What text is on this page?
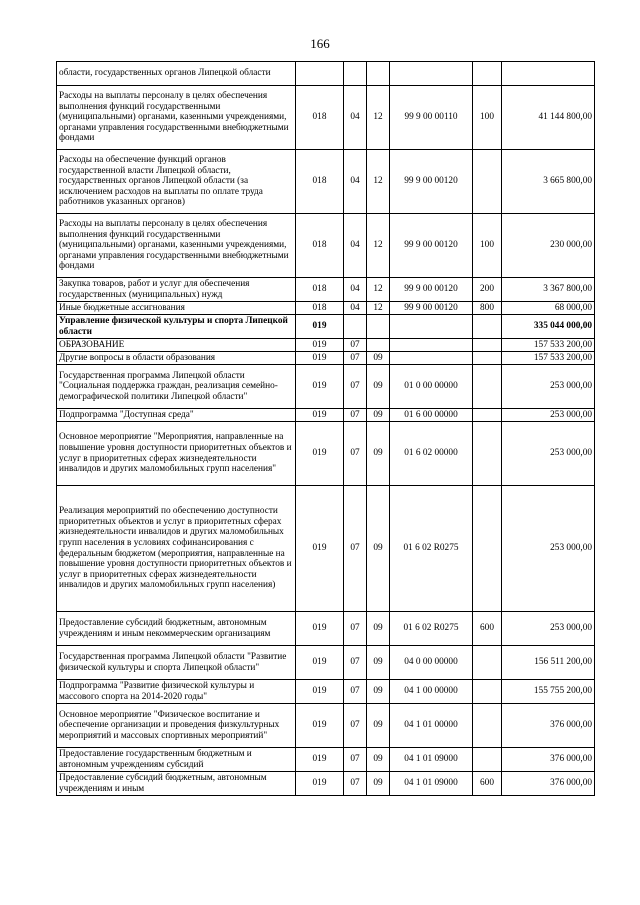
166
области, государственных органов Липецкой области						
Расходы на выплаты персоналу в целях обеспечения выполнения функций государственными (муниципальными) органами, казенными учреждениями, органами управления государственными внебюджетными фондами	018	04	12	99 9 00 00110	100	41 144 800,00
Расходы на обеспечение функций органов государственной власти Липецкой области, государственных органов Липецкой области (за исключением расходов на выплаты по оплате труда работников указанных органов)	018	04	12	99 9 00 00120		3 665 800,00
Расходы на выплаты персоналу в целях обеспечения выполнения функций государственными (муниципальными) органами, казенными учреждениями, органами управления государственными внебюджетными фондами	018	04	12	99 9 00 00120	100	230 000,00
Закупка товаров, работ и услуг для обеспечения государственных (муниципальных) нужд	018	04	12	99 9 00 00120	200	3 367 800,00
Иные бюджетные ассигнования	018	04	12	99 9 00 00120	800	68 000,00
Управление физической культуры и спорта Липецкой области	019					335 044 000,00
ОБРАЗОВАНИЕ	019	07				157 533 200,00
Другие вопросы в области образования	019	07	09			157 533 200,00
Государственная программа Липецкой области "Социальная поддержка граждан, реализация семейно-демографической политики Липецкой области"	019	07	09	01 0 00 00000		253 000,00
Подпрограмма "Доступная среда"	019	07	09	01 6 00 00000		253 000,00
Основное мероприятие "Мероприятия, направленные на повышение уровня доступности приоритетных объектов и услуг в приоритетных сферах жизнедеятельности инвалидов и других маломобильных групп населения"	019	07	09	01 6 02 00000		253 000,00
Реализация мероприятий по обеспечению доступности приоритетных объектов и услуг в приоритетных сферах жизнедеятельности инвалидов и других маломобильных групп населения в условиях софинансирования с федеральным бюджетом (мероприятия, направленные на повышение уровня доступности приоритетных объектов и услуг в приоритетных сферах жизнедеятельности инвалидов и других маломобильных групп населения)	019	07	09	01 6 02 R0275		253 000,00
Предоставление субсидий бюджетным, автономным учреждениям и иным некоммерческим организациям	019	07	09	01 6 02 R0275	600	253 000,00
Государственная программа Липецкой области "Развитие физической культуры и спорта Липецкой области"	019	07	09	04 0 00 00000		156 511 200,00
Подпрограмма "Развитие физической культуры и массового спорта на 2014-2020 годы"	019	07	09	04 1 00 00000		155 755 200,00
Основное мероприятие "Физическое воспитание и обеспечение организации и проведения физкультурных мероприятий и массовых спортивных мероприятий"	019	07	09	04 1 01 00000		376 000,00
Предоставление государственным бюджетным и автономным учреждениям субсидий	019	07	09	04 1 01 09000		376 000,00
Предоставление субсидий бюджетным, автономным учреждениям и иным	019	07	09	04 1 01 09000	600	376 000,00
